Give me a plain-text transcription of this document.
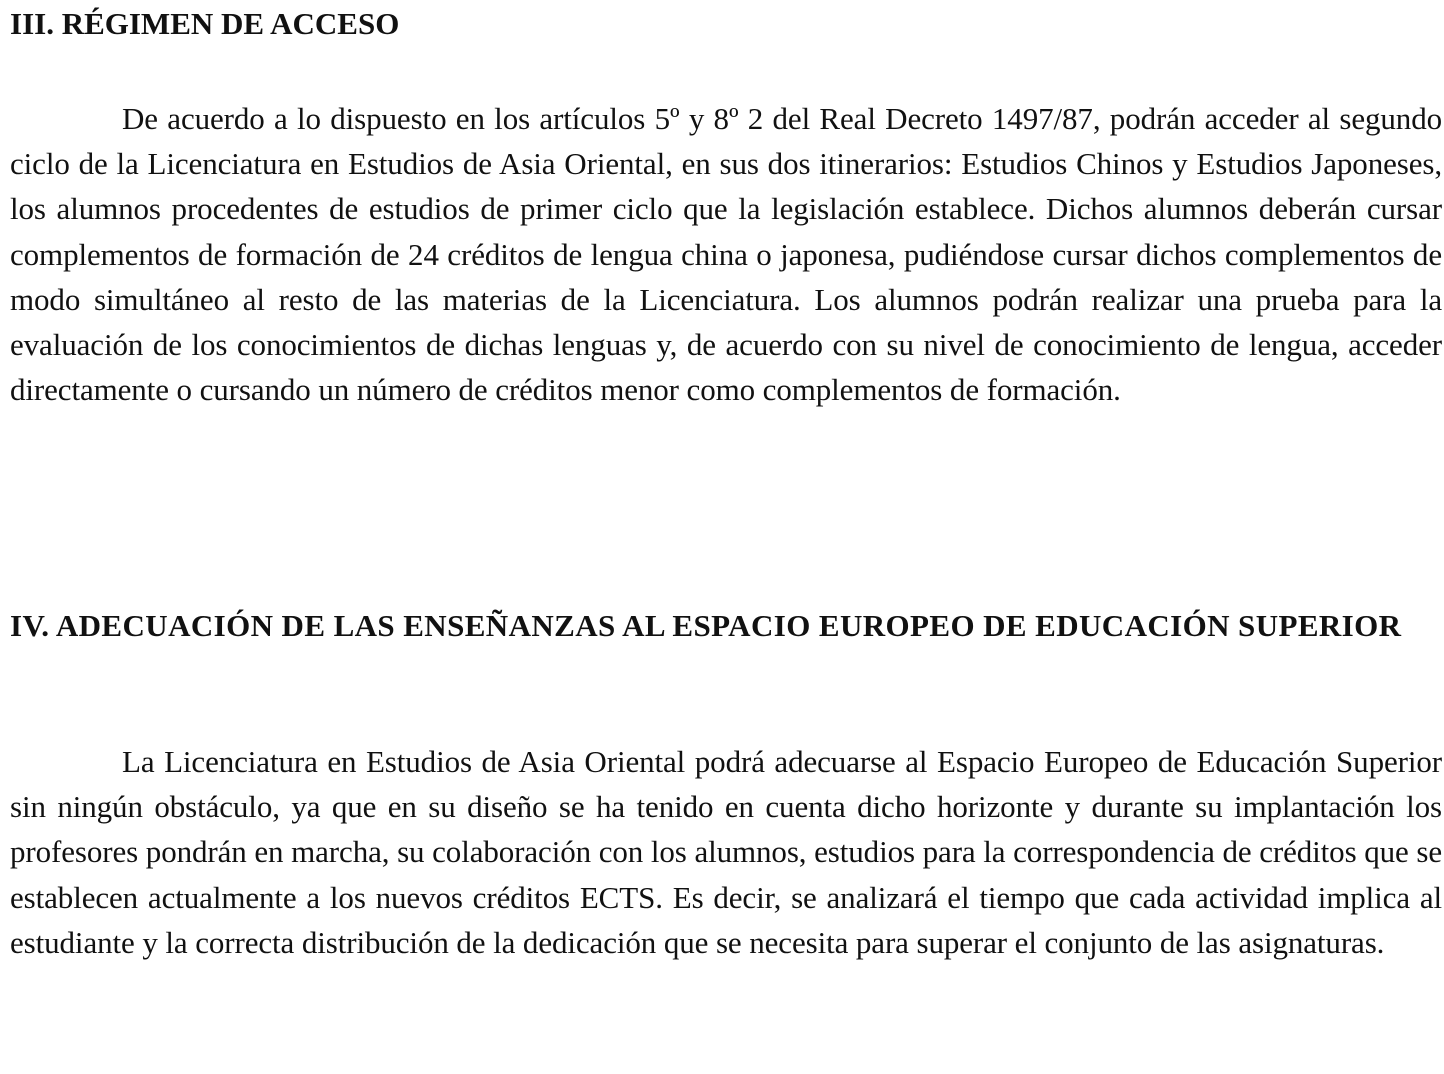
III. RÉGIMEN DE ACCESO

De acuerdo a lo dispuesto en los artículos 5º y 8º 2 del Real Decreto 1497/87, podrán acceder al segundo ciclo de la Licenciatura en Estudios de Asia Oriental, en sus dos itinerarios: Estudios Chinos y Estudios Japoneses, los alumnos procedentes de estudios de primer ciclo que la legislación establece. Dichos alumnos deberán cursar complementos de formación de 24 créditos de lengua china o japonesa, pudiéndose cursar dichos complementos de modo simultáneo al resto de las materias de la Licenciatura. Los alumnos podrán realizar una prueba para la evaluación de los conocimientos de dichas lenguas y, de acuerdo con su nivel de conocimiento de lengua, acceder directamente o cursando un número de créditos menor como complementos de formación.

IV. ADECUACIÓN DE LAS ENSEÑANZAS AL ESPACIO EUROPEO DE EDUCACIÓN SUPERIOR

La Licenciatura en Estudios de Asia Oriental podrá adecuarse al Espacio Europeo de Educación Superior sin ningún obstáculo, ya que en su diseño se ha tenido en cuenta dicho horizonte y durante su implantación los profesores pondrán en marcha, su colaboración con los alumnos, estudios para la correspondencia de créditos que se establecen actualmente a los nuevos créditos ECTS. Es decir, se analizará el tiempo que cada actividad implica al estudiante y la correcta distribución de la dedicación que se necesita para superar el conjunto de las asignaturas.
